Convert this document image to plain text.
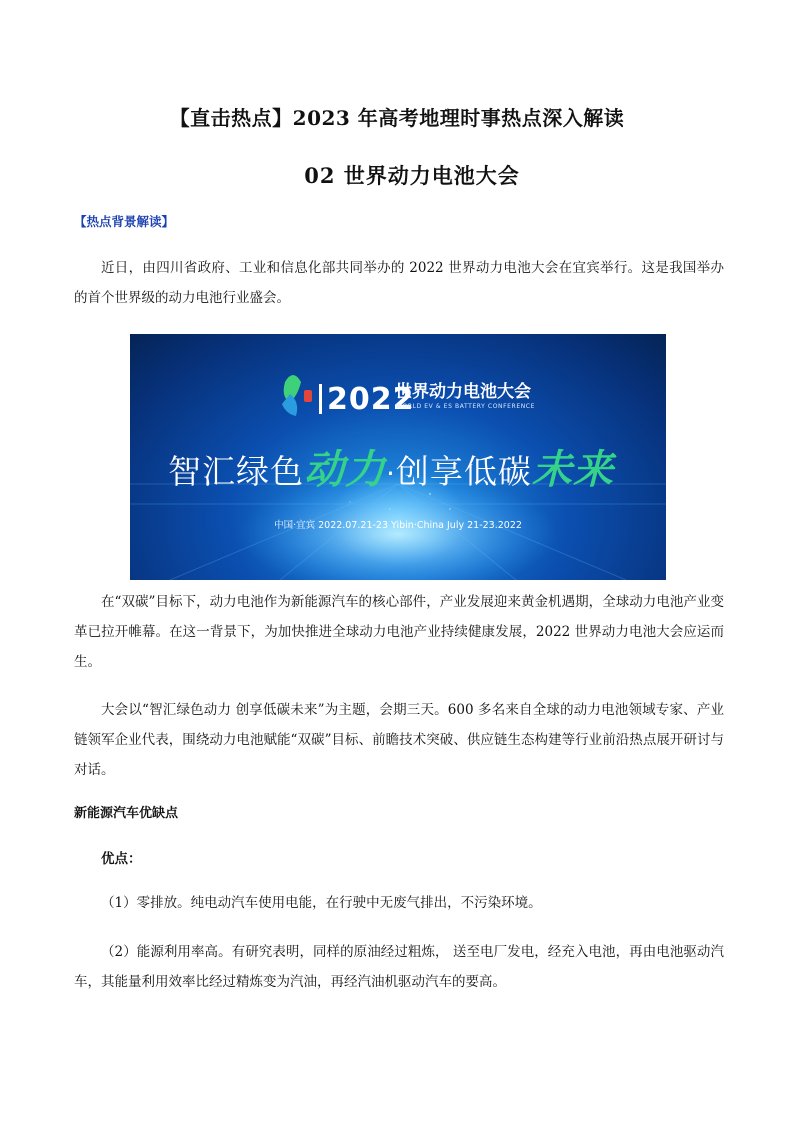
【直击热点】2023 年高考地理时事热点深入解读
02 世界动力电池大会
【热点背景解读】
近日，由四川省政府、工业和信息化部共同举办的 2022 世界动力电池大会在宜宾举行。这是我国举办的首个世界级的动力电池行业盛会。
2022
世界动力电池大会
WORLD EV & ES BATTERY CONFERENCE
智汇绿色动力·创享低碳未来
中国·宜宾 2022.07.21-23 Yibin·China July 21-23.2022
在“双碳”目标下，动力电池作为新能源汽车的核心部件，产业发展迎来黄金机遇期，全球动力电池产业变革已拉开帷幕。在这一背景下，为加快推进全球动力电池产业持续健康发展，2022 世界动力电池大会应运而生。
大会以“智汇绿色动力 创享低碳未来”为主题，会期三天。600 多名来自全球的动力电池领域专家、产业链领军企业代表，围绕动力电池赋能“双碳”目标、前瞻技术突破、供应链生态构建等行业前沿热点展开研讨与对话。
新能源汽车优缺点
优点：
（1）零排放。纯电动汽车使用电能，在行驶中无废气排出，不污染环境。
（2）能源利用率高。有研究表明，同样的原油经过粗炼， 送至电厂发电，经充入电池，再由电池驱动汽车，其能量利用效率比经过精炼变为汽油，再经汽油机驱动汽车的要高。
